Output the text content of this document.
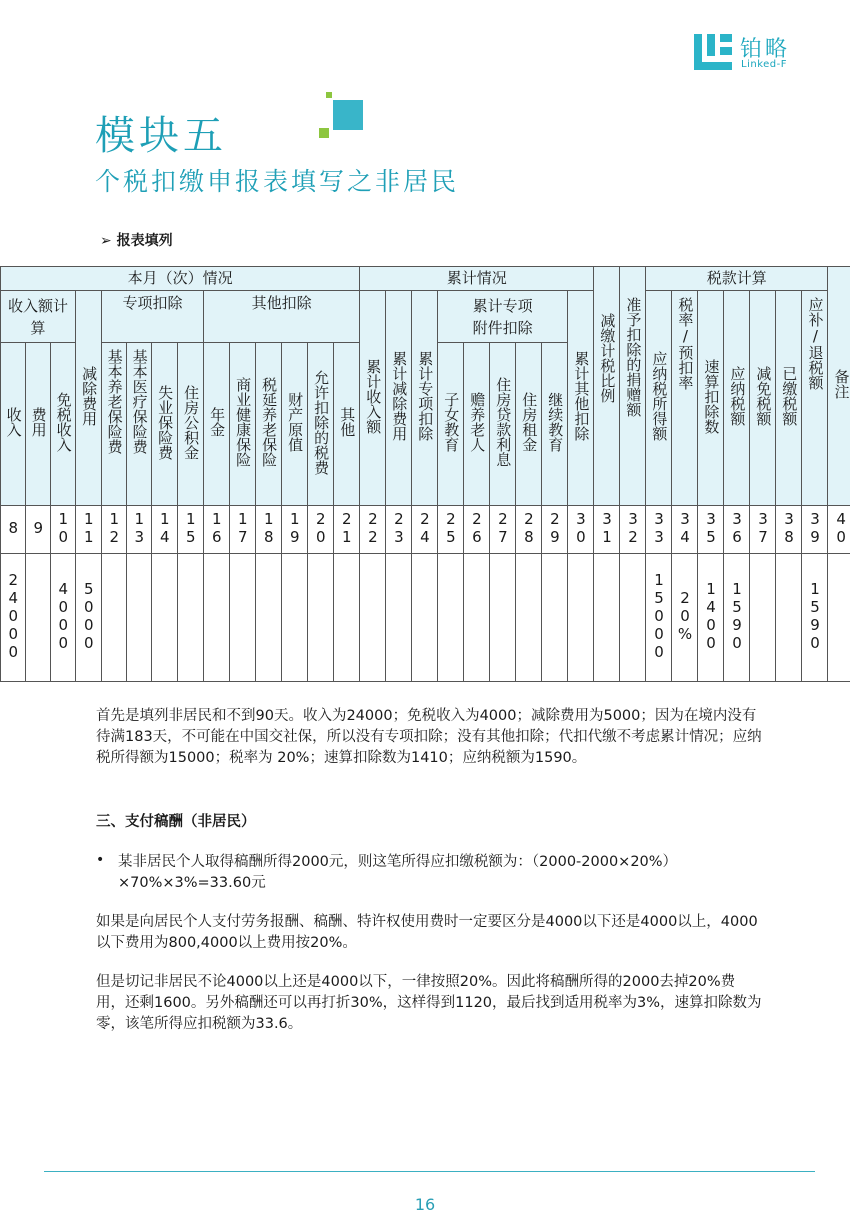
铂略
Linked-F
模块五
个税扣缴申报表填写之非居民
➢ 报表填列
本月（次）情况														累计情况									减缴计税比例	准予扣除的捐赠额	税款计算							备注
收入额计算			减除费用	专项扣除				其他扣除						累计收入额	累计减除费用	累计专项扣除	累计专项附件扣除					累计其他扣除			应纳税所得额	税率/预扣率	速算扣除数	应纳税额	减免税额	已缴税额	应补/退税额	
收入	费用	免税收入		基本养老保险费	基本医疗保险费	失业保险费	住房公积金	年金	商业健康保险	税延养老保险	财产原值	允许扣除的税费	其他				子女教育	赡养老人	住房贷款利息	住房租金	继续教育											
8	9	10	11	12	13	14	15	16	17	18	19	20	21	22	23	24	25	26	27	28	29	30	31	32	33	34	35	36	37	38	39	40
24000		4000	5000																						15000	20%	1400	1590			1590	
首先是填列非居民和不到90天。收入为24000；免税收入为4000；减除费用为5000；因为在境内没有待满183天，不可能在中国交社保，所以没有专项扣除；没有其他扣除；代扣代缴不考虑累计情况；应纳税所得额为15000；税率为 20%；速算扣除数为1410；应纳税额为1590。
三、支付稿酬（非居民）
• 某非居民个人取得稿酬所得2000元，则这笔所得应扣缴税额为：（2000-2000×20%）×70%×3%=33.60元
如果是向居民个人支付劳务报酬、稿酬、特许权使用费时一定要区分是4000以下还是4000以上，4000以下费用为800,4000以上费用按20%。
但是切记非居民不论4000以上还是4000以下，一律按照20%。因此将稿酬所得的2000去掉20%费用，还剩1600。另外稿酬还可以再打折30%，这样得到1120，最后找到适用税率为3%，速算扣除数为零，该笔所得应扣税额为33.6。
16
